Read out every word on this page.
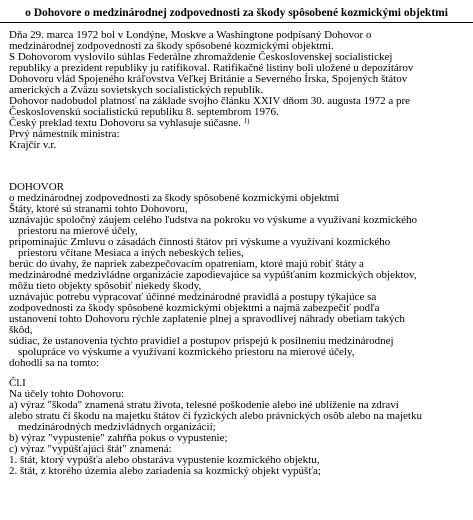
o Dohovore o medzinárodnej zodpovednosti za škody spôsobené kozmickými objektmi
Dňa 29. marca 1972 bol v Londýne, Moskve a Washingtone podpísaný Dohovor o
medzinárodnej zodpovednosti za škody spôsobené kozmickými objektmi.
S Dohovorom vyslovilo súhlas Federálne zhromaždenie Československej socialistickej
republiky a prezident republiky ju ratifikoval. Ratifikačné listiny boli uložené u depozitárov
Dohovoru vlád Spojeného kráľovstva Veľkej Británie a Severného Írska, Spojených štátov
amerických a Zväzu sovietskych socialistických republík.
Dohovor nadobudol platnosť na základe svojho článku XXIV dňom 30. augusta 1972 a pre
Československú socialistickú republiku 8. septembrom 1976.
Český preklad textu Dohovoru sa vyhlasuje súčasne. $^{1)}$
Prvý námestník ministra:
Krajčír v.r.
DOHOVOR
o medzinárodnej zodpovednosti za škody spôsobené kozmickými objektmi
Štáty, ktoré sú stranami tohto Dohovoru,
uznávajúc spoločný záujem celého ľudstva na pokroku vo výskume a využívaní kozmického
priestoru na mierové účely,
pripomínajúc Zmluvu o zásadách činnosti štátov pri výskume a využívaní kozmického
priestoru včítane Mesiaca a iných nebeských telies,
berúc do úvahy, že napriek zabezpečovacím opatreniam, ktoré majú robiť štáty a
medzinárodné medzivládne organizácie zapodievajúce sa vypúšťaním kozmických objektov,
môžu tieto objekty spôsobiť niekedy škody,
uznávajúc potrebu vypracovať účinné medzinárodné pravidlá a postupy týkajúce sa
zodpovednosti za škody spôsobené kozmickými objektmi a najmä zabezpečiť podľa
ustanovení tohto Dohovoru rýchle zaplatenie plnej a spravodlivej náhrady obetiam takých
škôd,
súdiac, že ustanovenia týchto pravidiel a postupov prispejú k posilneniu medzinárodnej
spolupráce vo výskume a využívaní kozmického priestoru na mierové účely,
dohodli sa na tomto:
Čl.I
Na účely tohto Dohovoru:
a) výraz "škoda" znamená stratu života, telesné poškodenie alebo iné ublíženie na zdraví
alebo stratu či škodu na majetku štátov či fyzických alebo právnických osôb alebo na majetku
medzinárodných medzivládnych organizácií;
b) výraz "vypustenie" zahŕňa pokus o vypustenie;
c) výraz "vypúšťajúci štát" znamená:
1. štát, ktorý vypúšťa alebo obstaráva vypustenie kozmického objektu,
2. štát, z ktorého územia alebo zariadenia sa kozmický objekt vypúšťa;
